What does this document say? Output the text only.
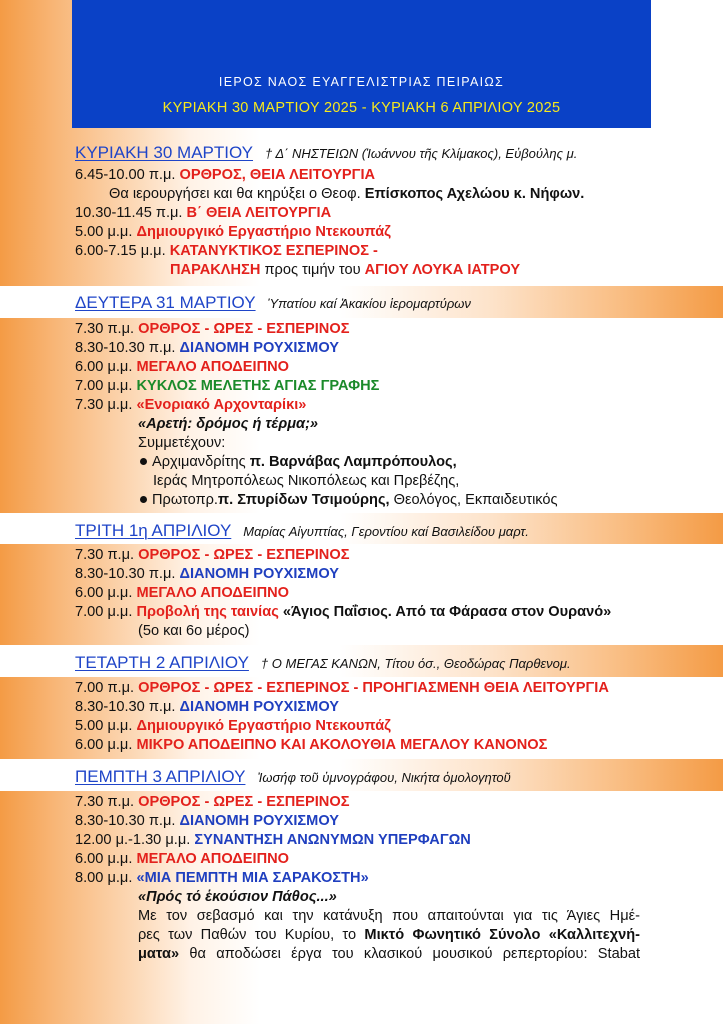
ΙΕΡΟΣ ΝΑΟΣ ΕΥΑΓΓΕΛΙΣΤΡΙΑΣ ΠΕΙΡΑΙΩΣ
ΚΥΡΙΑΚΗ 30 ΜΑΡΤΙΟΥ 2025 - ΚΥΡΙΑΚΗ 6 ΑΠΡΙΛΙΟΥ 2025
ΚΥΡΙΑΚΗ 30 ΜΑΡΤΙΟΥ † Δ΄ ΝΗΣΤΕΙΩΝ (Ἰωάννου τῆς Κλίμακος), Εὐβούλης μ.
6.45-10.00 π.μ. ΟΡΘΡΟΣ, ΘΕΙΑ ΛΕΙΤΟΥΡΓΙΑ
Θα ιερουργήσει και θα κηρύξει ο Θεοφ. Επίσκοπος Αχελώου κ. Νήφων.
10.30-11.45 π.μ. Β΄ ΘΕΙΑ ΛΕΙΤΟΥΡΓΙΑ
5.00 μ.μ. Δημιουργικό Εργαστήριο Ντεκουπάζ
6.00-7.15 μ.μ. ΚΑΤΑΝΥΚΤΙΚΟΣ ΕΣΠΕΡΙΝΟΣ -
ΠΑΡΑΚΛΗΣΗ προς τιμήν του ΑΓΙΟΥ ΛΟΥΚΑ ΙΑΤΡΟΥ
ΔΕΥΤΕΡΑ 31 ΜΑΡΤΙΟΥ Ὑπατίου καί Ἀκακίου ἱερομαρτύρων
7.30 π.μ. ΟΡΘΡΟΣ - ΩΡΕΣ - ΕΣΠΕΡΙΝΟΣ
8.30-10.30 π.μ. ΔΙΑΝΟΜΗ ΡΟΥΧΙΣΜΟΥ
6.00 μ.μ. ΜΕΓΑΛΟ ΑΠΟΔΕΙΠΝΟ
7.00 μ.μ. ΚΥΚΛΟΣ ΜΕΛΕΤΗΣ ΑΓΙΑΣ ΓΡΑΦΗΣ
7.30 μ.μ. «Ενοριακό Αρχονταρίκι»
«Αρετή: δρόμος ή τέρμα;»
Συμμετέχουν:
Αρχιμανδρίτης π. Βαρνάβας Λαμπρόπουλος,
Ιεράς Μητροπόλεως Νικοπόλεως και Πρεβέζης,
Πρωτοπρ.π. Σπυρίδων Τσιμούρης, Θεολόγος, Εκπαιδευτικός
ΤΡΙΤΗ 1η ΑΠΡΙΛΙΟΥ Μαρίας Αἰγυπτίας, Γεροντίου καί Βασιλείδου μαρτ.
7.30 π.μ. ΟΡΘΡΟΣ - ΩΡΕΣ - ΕΣΠΕΡΙΝΟΣ
8.30-10.30 π.μ. ΔΙΑΝΟΜΗ ΡΟΥΧΙΣΜΟΥ
6.00 μ.μ. ΜΕΓΑΛΟ ΑΠΟΔΕΙΠΝΟ
7.00 μ.μ. Προβολή της ταινίας «Άγιος Παΐσιος. Από τα Φάρασα στον Ουρανό»
(5ο και 6ο μέρος)
ΤΕΤΑΡΤΗ 2 ΑΠΡΙΛΙΟΥ † Ο ΜΕΓΑΣ ΚΑΝΩΝ, Τίτου όσ., Θεοδώρας Παρθενομ.
7.00 π.μ. ΟΡΘΡΟΣ - ΩΡΕΣ - ΕΣΠΕΡΙΝΟΣ - ΠΡΟΗΓΙΑΣΜΕΝΗ ΘΕΙΑ ΛΕΙΤΟΥΡΓΙΑ
8.30-10.30 π.μ. ΔΙΑΝΟΜΗ ΡΟΥΧΙΣΜΟΥ
5.00 μ.μ. Δημιουργικό Εργαστήριο Ντεκουπάζ
6.00 μ.μ. ΜΙΚΡΟ ΑΠΟΔΕΙΠΝΟ ΚΑΙ ΑΚΟΛΟΥΘΙΑ ΜΕΓΑΛΟΥ ΚΑΝΟΝΟΣ
ΠΕΜΠΤΗ 3 ΑΠΡΙΛΙΟΥ Ἰωσήφ τοῦ ὑμνογράφου, Νικήτα ὁμολογητοῦ
7.30 π.μ. ΟΡΘΡΟΣ - ΩΡΕΣ - ΕΣΠΕΡΙΝΟΣ
8.30-10.30 π.μ. ΔΙΑΝΟΜΗ ΡΟΥΧΙΣΜΟΥ
12.00 μ.-1.30 μ.μ. ΣΥΝΑΝΤΗΣΗ ΑΝΩΝΥΜΩΝ ΥΠΕΡΦΑΓΩΝ
6.00 μ.μ. ΜΕΓΑΛΟ ΑΠΟΔΕΙΠΝΟ
8.00 μ.μ. «ΜΙΑ ΠΕΜΠΤΗ ΜΙΑ ΣΑΡΑΚΟΣΤΗ»
«Πρός τό ἑκούσιον Πάθος...»
Με τον σεβασμό και την κατάνυξη που απαιτούνται για τις Άγιες Ημέ-
ρες των Παθών του Κυρίου, το Μικτό Φωνητικό Σύνολο «Καλλιτεχνή-
ματα» θα αποδώσει έργα του κλασικού μουσικού ρεπερτορίου: Stabat
